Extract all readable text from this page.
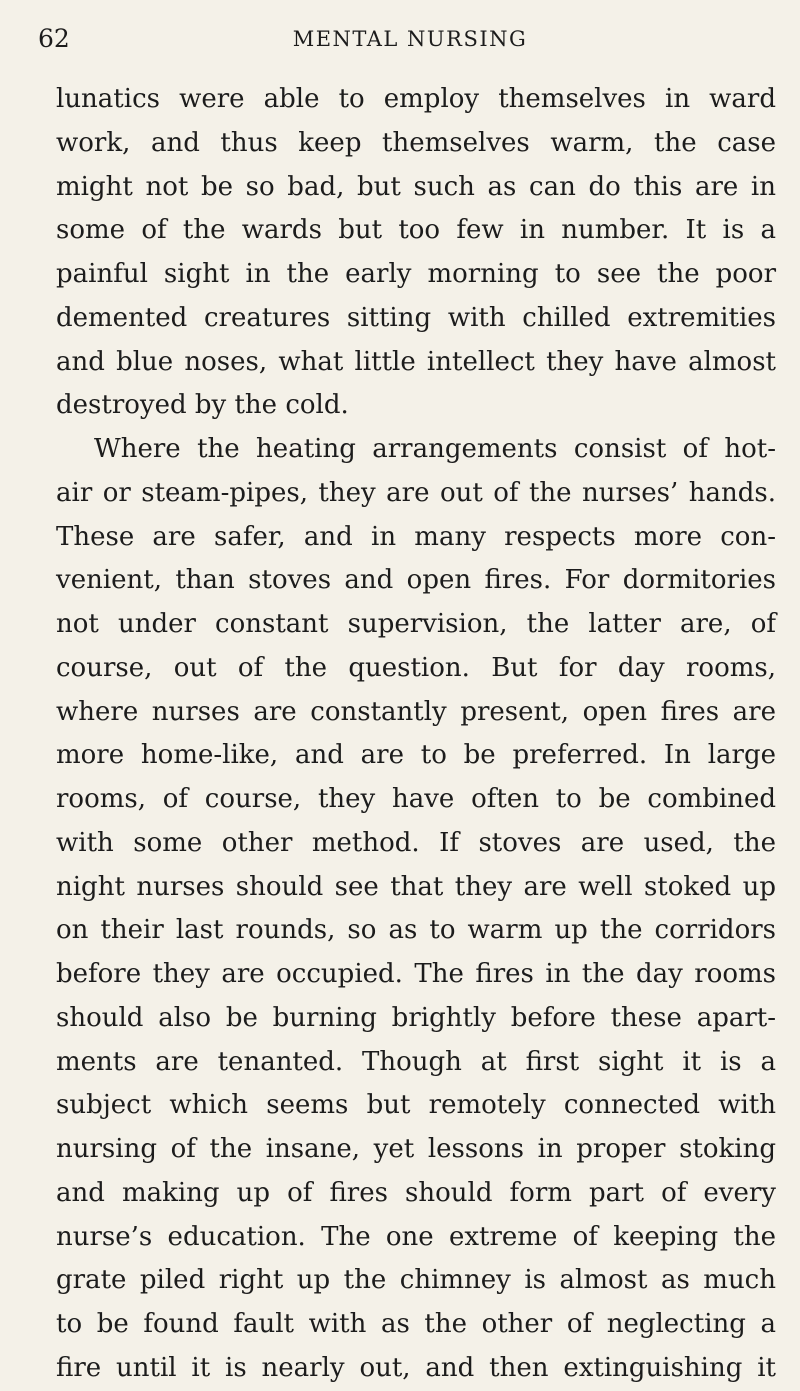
62	MENTAL NURSING
lunatics were able to employ themselves in ward
work, and thus keep themselves warm, the case
might not be so bad, but such as can do this are in
some of the wards but too few in number. It is a
painful sight in the early morning to see the poor
demented creatures sitting with chilled extremities
and blue noses, what little intellect they have almost
destroyed by the cold.
Where the heating arrangements consist of hot-
air or steam-pipes, they are out of the nurses’ hands.
These are safer, and in many respects more con-
venient, than stoves and open fires. For dormitories
not under constant supervision, the latter are, of
course, out of the question. But for day rooms,
where nurses are constantly present, open fires are
more home-like, and are to be preferred. In large
rooms, of course, they have often to be combined
with some other method. If stoves are used, the
night nurses should see that they are well stoked up
on their last rounds, so as to warm up the corridors
before they are occupied. The fires in the day rooms
should also be burning brightly before these apart-
ments are tenanted. Though at first sight it is a
subject which seems but remotely connected with
nursing of the insane, yet lessons in proper stoking
and making up of fires should form part of every
nurse’s education. The one extreme of keeping the
grate piled right up the chimney is almost as much
to be found fault with as the other of neglecting a
fire until it is nearly out, and then extinguishing it
